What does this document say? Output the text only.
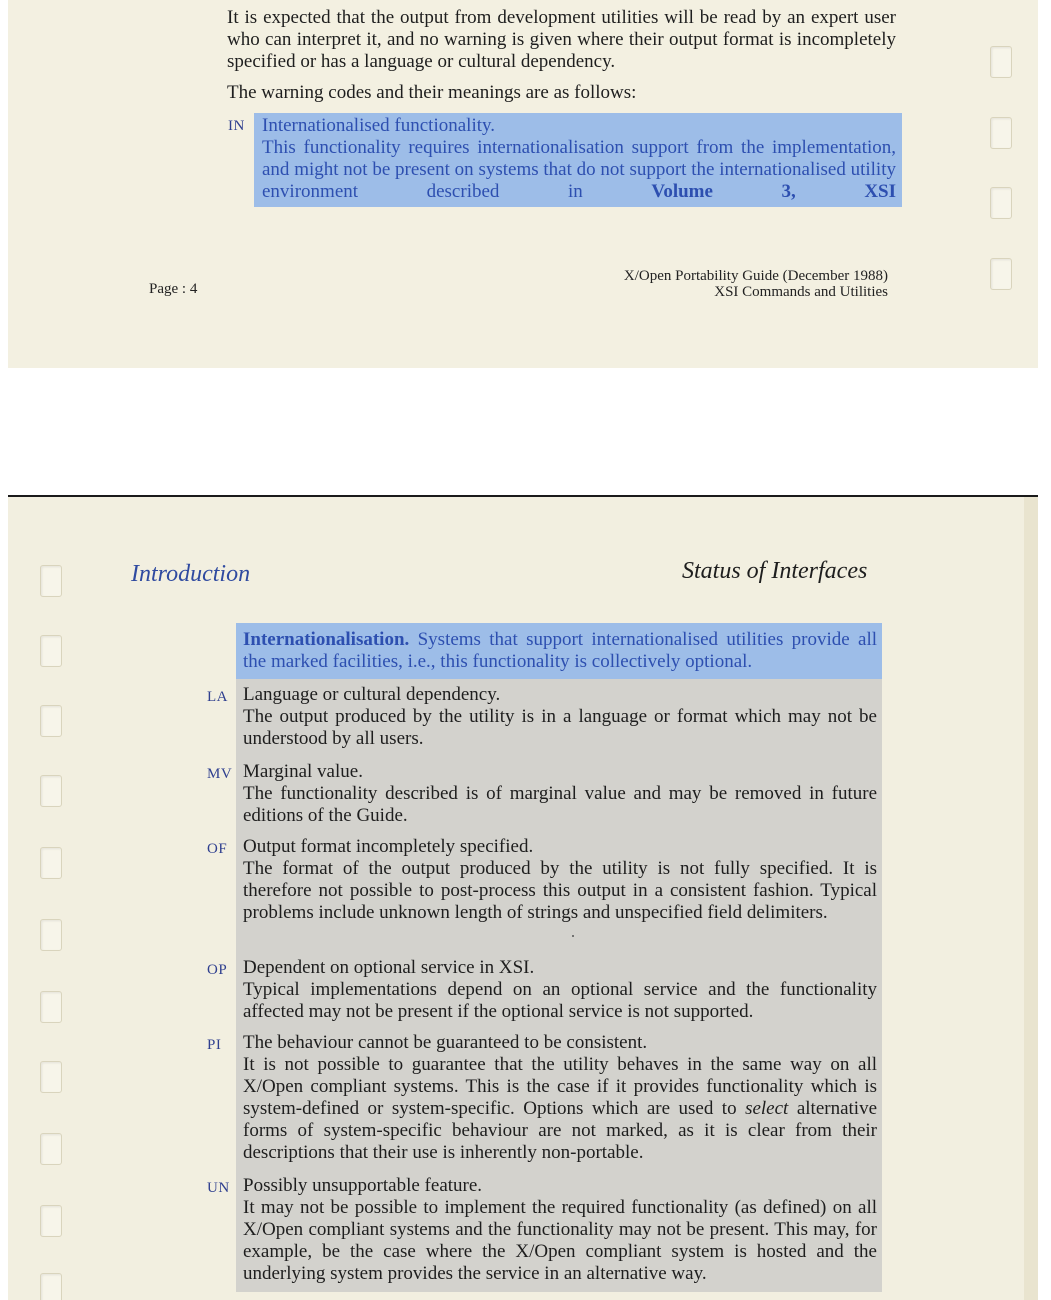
It is expected that the output from development utilities will be read by an expert user who can interpret it, and no warning is given where their output format is incompletely specified or has a language or cultural dependency.
The warning codes and their meanings are as follows:
IN Internationalised functionality.
This functionality requires internationalisation support from the implementation, and might not be present on systems that do not support the internationalised utility environment described in	Volume 3, XSI
Page : 4
X/Open Portability Guide (December 1988)
XSI Commands and Utilities
Introduction	Status of Interfaces
Internationalisation. Systems that support internationalised utilities provide all the marked facilities, i.e., this functionality is collectively optional.
LA Language or cultural dependency.
The output produced by the utility is in a language or format which may not be understood by all users.
MV Marginal value.
The functionality described is of marginal value and may be removed in future editions of the Guide.
OF Output format incompletely specified.
The format of the output produced by the utility is not fully specified. It is therefore not possible to post-process this output in a consistent fashion. Typical problems include unknown length of strings and unspecified field delimiters.
OP Dependent on optional service in XSI.
Typical implementations depend on an optional service and the functionality affected may not be present if the optional service is not supported.
PI The behaviour cannot be guaranteed to be consistent.
It is not possible to guarantee that the utility behaves in the same way on all X/Open compliant systems. This is the case if it provides functionality which is system-defined or system-specific. Options which are used to select alternative forms of system-specific behaviour are not marked, as it is clear from their descriptions that their use is inherently non-portable.
UN Possibly unsupportable feature.
It may not be possible to implement the required functionality (as defined) on all X/Open compliant systems and the functionality may not be present. This may, for example, be the case where the X/Open compliant system is hosted and the underlying system provides the service in an alternative way.
